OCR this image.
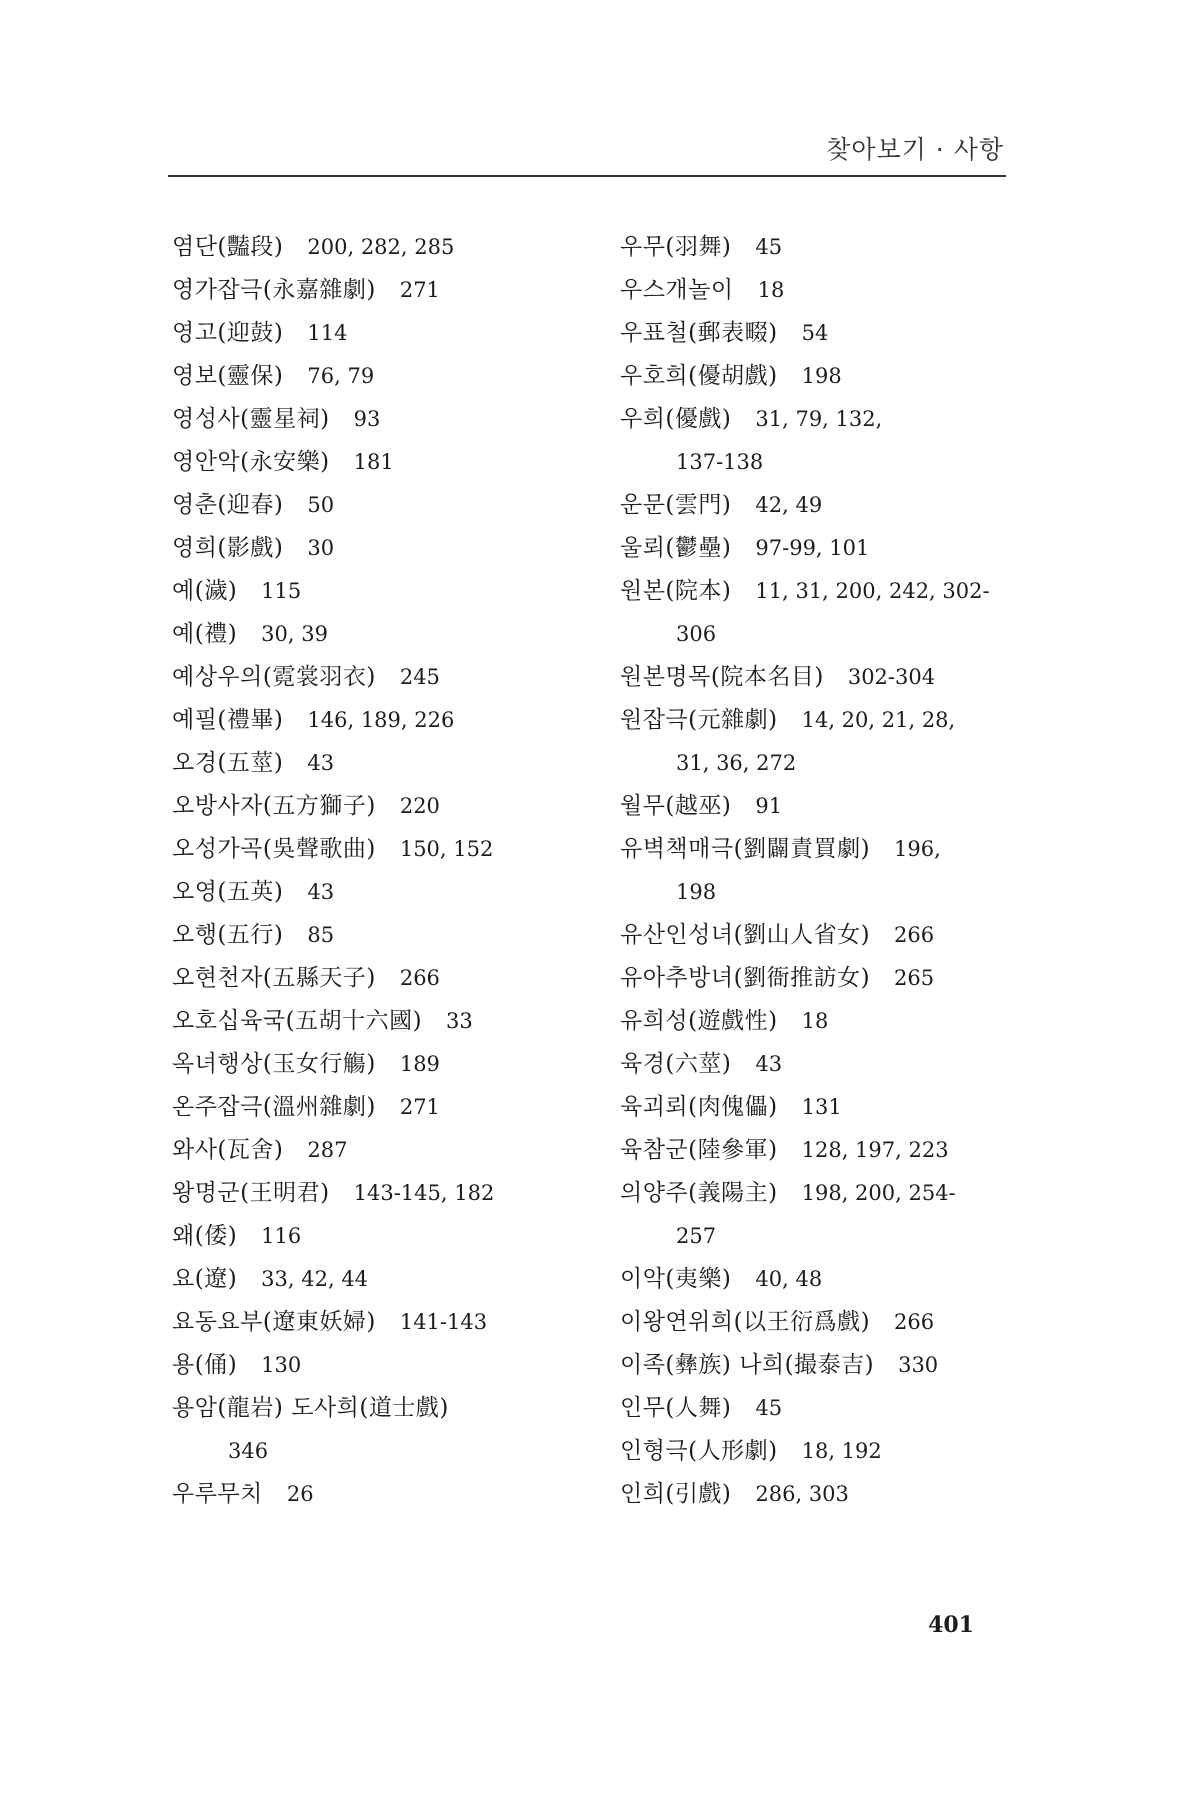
찾아보기 · 사항
염단(豔段) 200, 282, 285
영가잡극(永嘉雜劇) 271
영고(迎鼓) 114
영보(靈保) 76, 79
영성사(靈星祠) 93
영안악(永安樂) 181
영춘(迎春) 50
영희(影戲) 30
예(濊) 115
예(禮) 30, 39
예상우의(霓裳羽衣) 245
예필(禮畢) 146, 189, 226
오경(五莖) 43
오방사자(五方獅子) 220
오성가곡(吳聲歌曲) 150, 152
오영(五英) 43
오행(五行) 85
오현천자(五縣天子) 266
오호십육국(五胡十六國) 33
옥녀행상(玉女行觴) 189
온주잡극(溫州雜劇) 271
와사(瓦舍) 287
왕명군(王明君) 143-145, 182
왜(倭) 116
요(遼) 33, 42, 44
요동요부(遼東妖婦) 141-143
용(俑) 130
용암(龍岩) 도사희(道士戲)
346
우루무치 26
우무(羽舞) 45
우스개놀이 18
우표철(郵表畷) 54
우호희(優胡戲) 198
우희(優戲) 31, 79, 132,
137-138
운문(雲門) 42, 49
울뢰(鬱壘) 97-99, 101
원본(院本) 11, 31, 200, 242, 302-
306
원본명목(院本名目) 302-304
원잡극(元雜劇) 14, 20, 21, 28,
31, 36, 272
월무(越巫) 91
유벽책매극(劉闢責買劇) 196,
198
유산인성녀(劉山人省女) 266
유아추방녀(劉衙推訪女) 265
유희성(遊戲性) 18
육경(六莖) 43
육괴뢰(肉傀儡) 131
육참군(陸參軍) 128, 197, 223
의양주(義陽主) 198, 200, 254-
257
이악(夷樂) 40, 48
이왕연위희(以王衍爲戲) 266
이족(彝族) 나희(撮泰吉) 330
인무(人舞) 45
인형극(人形劇) 18, 192
인희(引戲) 286, 303
401
